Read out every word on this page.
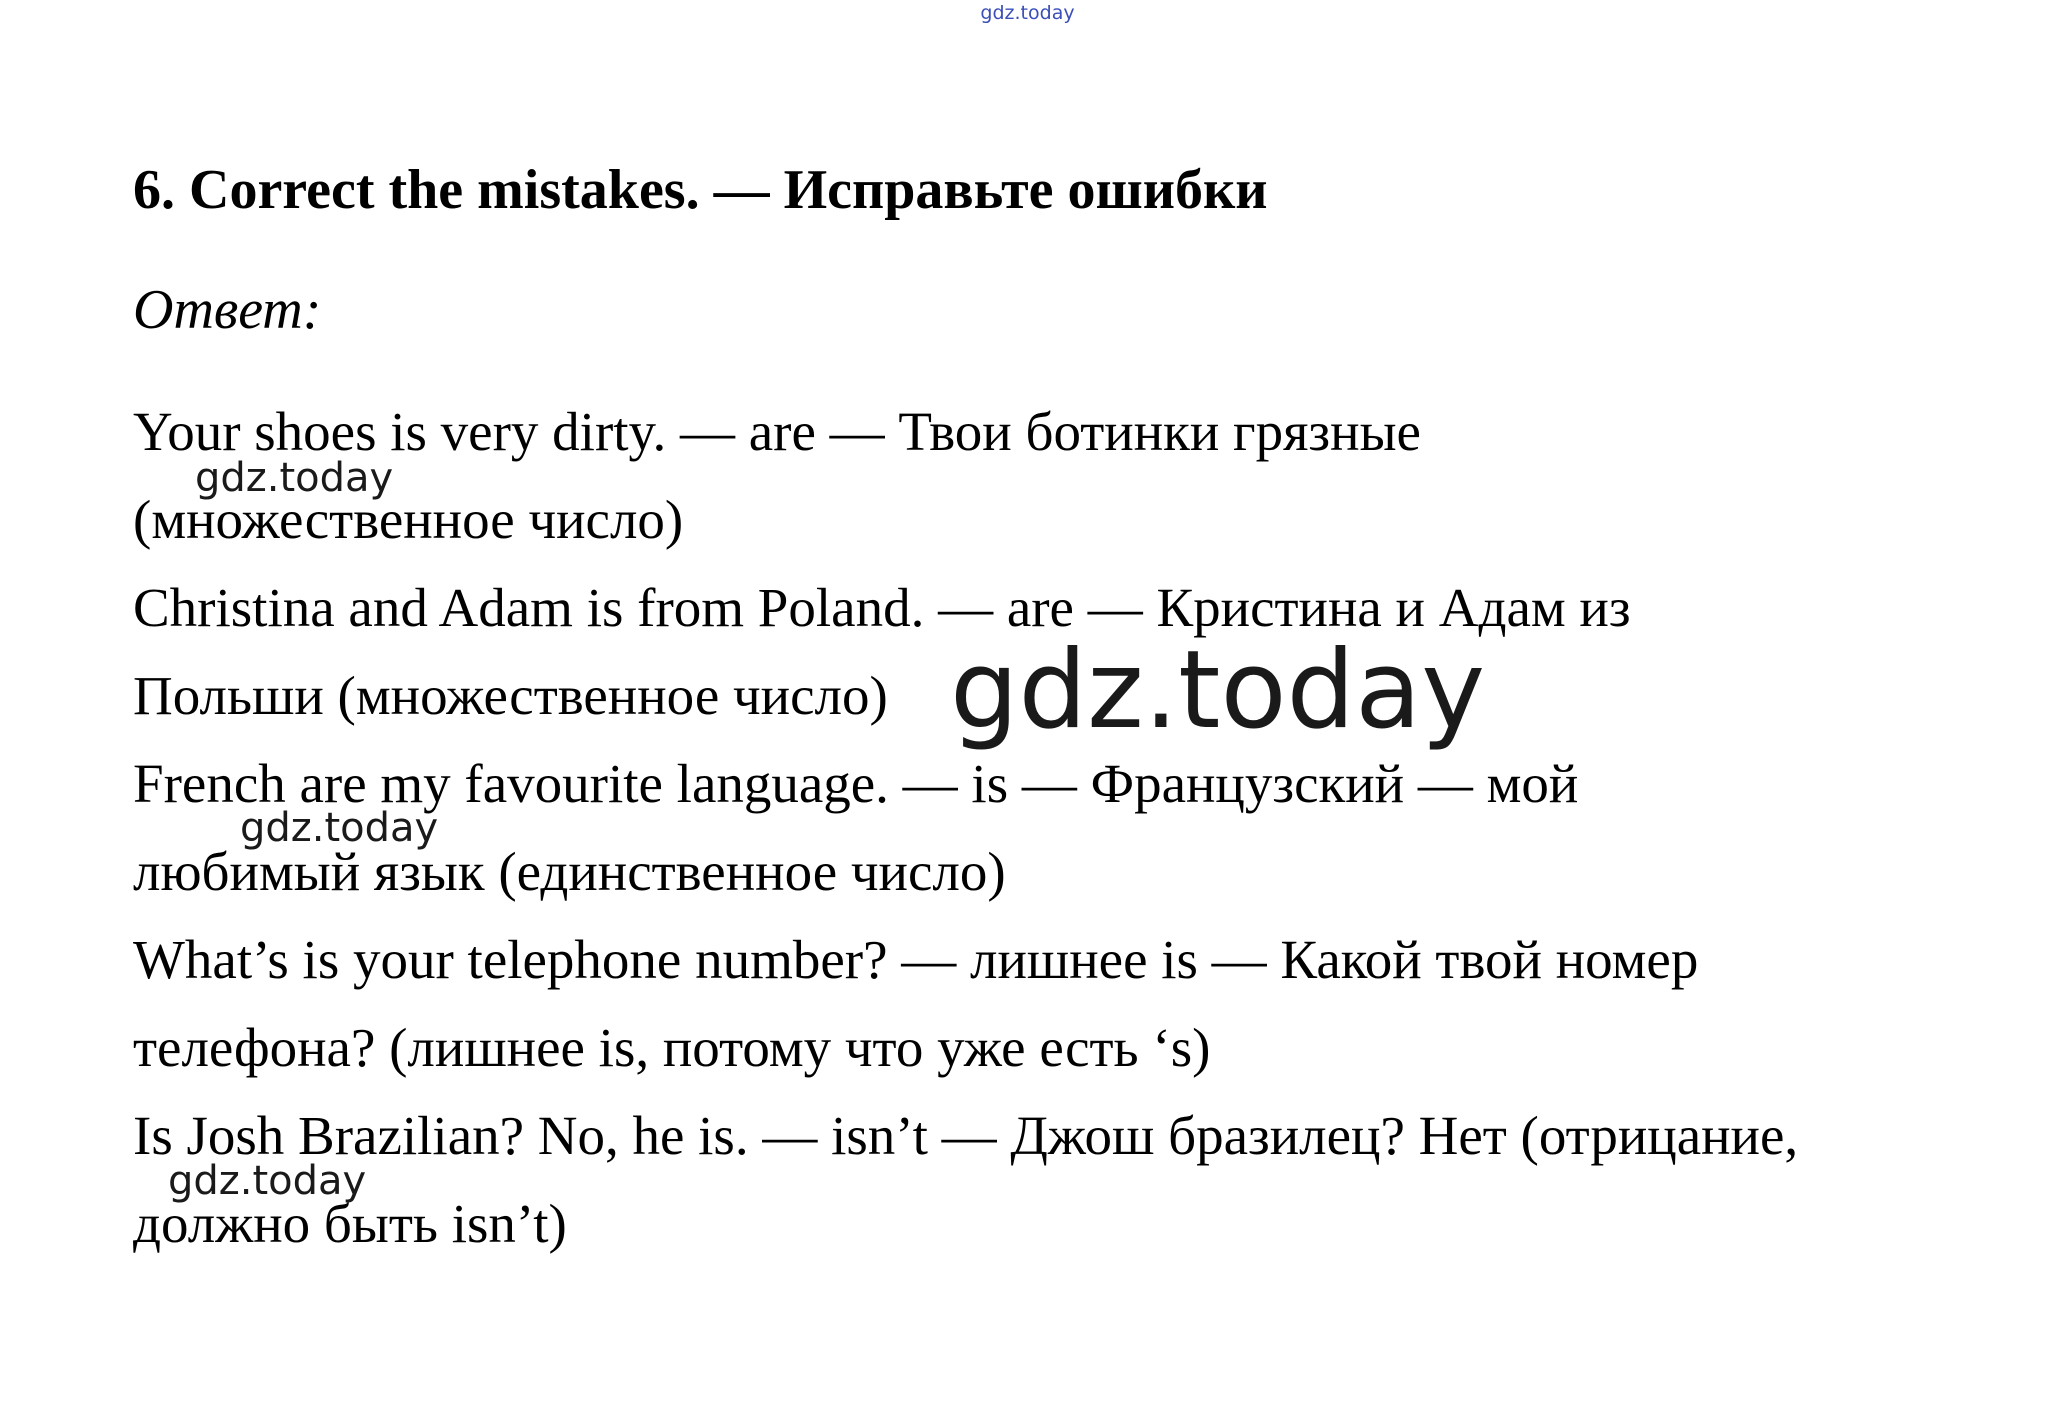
gdz.today
6. Correct the mistakes. — Исправьте ошибки
Ответ:
Your shoes is very dirty. — are — Твои ботинки грязные
(множественное число)
Christina and Adam is from Poland. — are — Кристина и Адам из
Польши (множественное число)
French are my favourite language. — is — Французский — мой
любимый язык (единственное число)
What’s is your telephone number? — лишнее is — Какой твой номер
телефона? (лишнее is, потому что уже есть ‘s)
Is Josh Brazilian? No, he is. — isn’t — Джош бразилец? Нет (отрицание,
должно быть isn’t)
gdz.today
gdz.today
gdz.today
gdz.today
